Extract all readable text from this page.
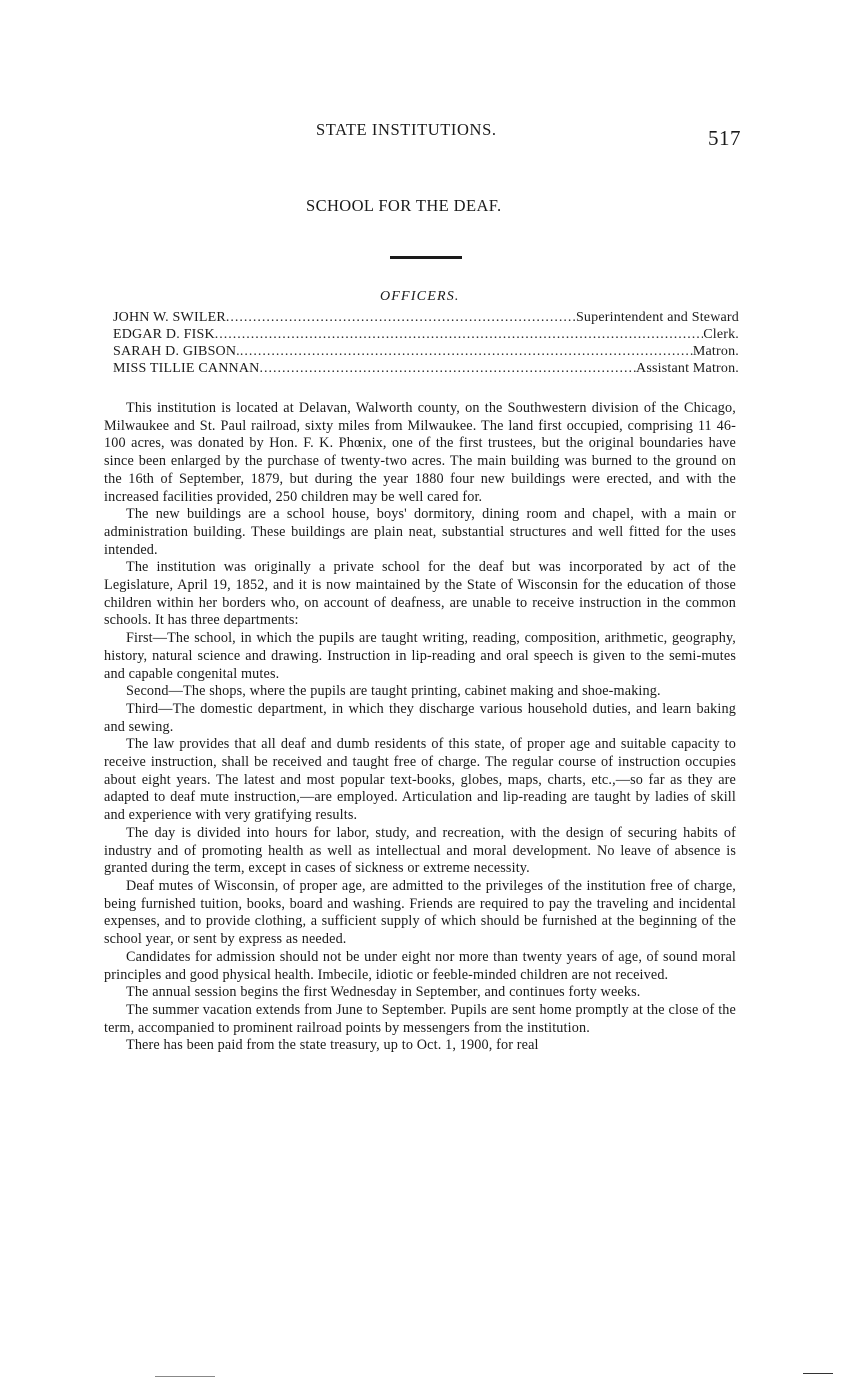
STATE INSTITUTIONS.	517
SCHOOL FOR THE DEAF.
OFFICERS.
JOHN W. SWILER .....	Superintendent and Steward
EDGAR D. FISK .....	Clerk.
SARAH D. GIBSON. .....	Matron.
MISS TILLIE CANNAN .....	Assistant Matron.

This institution is located at Delavan, Walworth county, on the Southwestern division of the Chicago, Milwaukee and St. Paul railroad, sixty miles from Milwaukee. The land first occupied, comprising 11 46-100 acres, was donated by Hon. F. K. Phœnix, one of the first trustees, but the original boundaries have since been enlarged by the purchase of twenty-two acres. The main building was burned to the ground on the 16th of September, 1879, but during the year 1880 four new buildings were erected, and with the increased facilities provided, 250 children may be well cared for.

The new buildings are a school house, boys' dormitory, dining room and chapel, with a main or administration building. These buildings are plain neat, substantial structures and well fitted for the uses intended.

The institution was originally a private school for the deaf but was incorporated by act of the Legislature, April 19, 1852, and it is now maintained by the State of Wisconsin for the education of those children within her borders who, on account of deafness, are unable to receive instruction in the common schools. It has three departments:

First—The school, in which the pupils are taught writing, reading, composition, arithmetic, geography, history, natural science and drawing. Instruction in lip-reading and oral speech is given to the semi-mutes and capable congenital mutes.

Second—The shops, where the pupils are taught printing, cabinet making and shoe-making.

Third—The domestic department, in which they discharge various household duties, and learn baking and sewing.

The law provides that all deaf and dumb residents of this state, of proper age and suitable capacity to receive instruction, shall be received and taught free of charge. The regular course of instruction occupies about eight years. The latest and most popular text-books, globes, maps, charts, etc.,—so far as they are adapted to deaf mute instruction,—are employed. Articulation and lip-reading are taught by ladies of skill and experience with very gratifying results.

The day is divided into hours for labor, study, and recreation, with the design of securing habits of industry and of promoting health as well as intellectual and moral development. No leave of absence is granted during the term, except in cases of sickness or extreme necessity.

Deaf mutes of Wisconsin, of proper age, are admitted to the privileges of the institution free of charge, being furnished tuition, books, board and washing. Friends are required to pay the traveling and incidental expenses, and to provide clothing, a sufficient supply of which should be furnished at the beginning of the school year, or sent by express as needed.

Candidates for admission should not be under eight nor more than twenty years of age, of sound moral principles and good physical health. Imbecile, idiotic or feeble-minded children are not received.

The annual session begins the first Wednesday in September, and continues forty weeks.

The summer vacation extends from June to September. Pupils are sent home promptly at the close of the term, accompanied to prominent railroad points by messengers from the institution.

There has been paid from the state treasury, up to Oct. 1, 1900, for real
